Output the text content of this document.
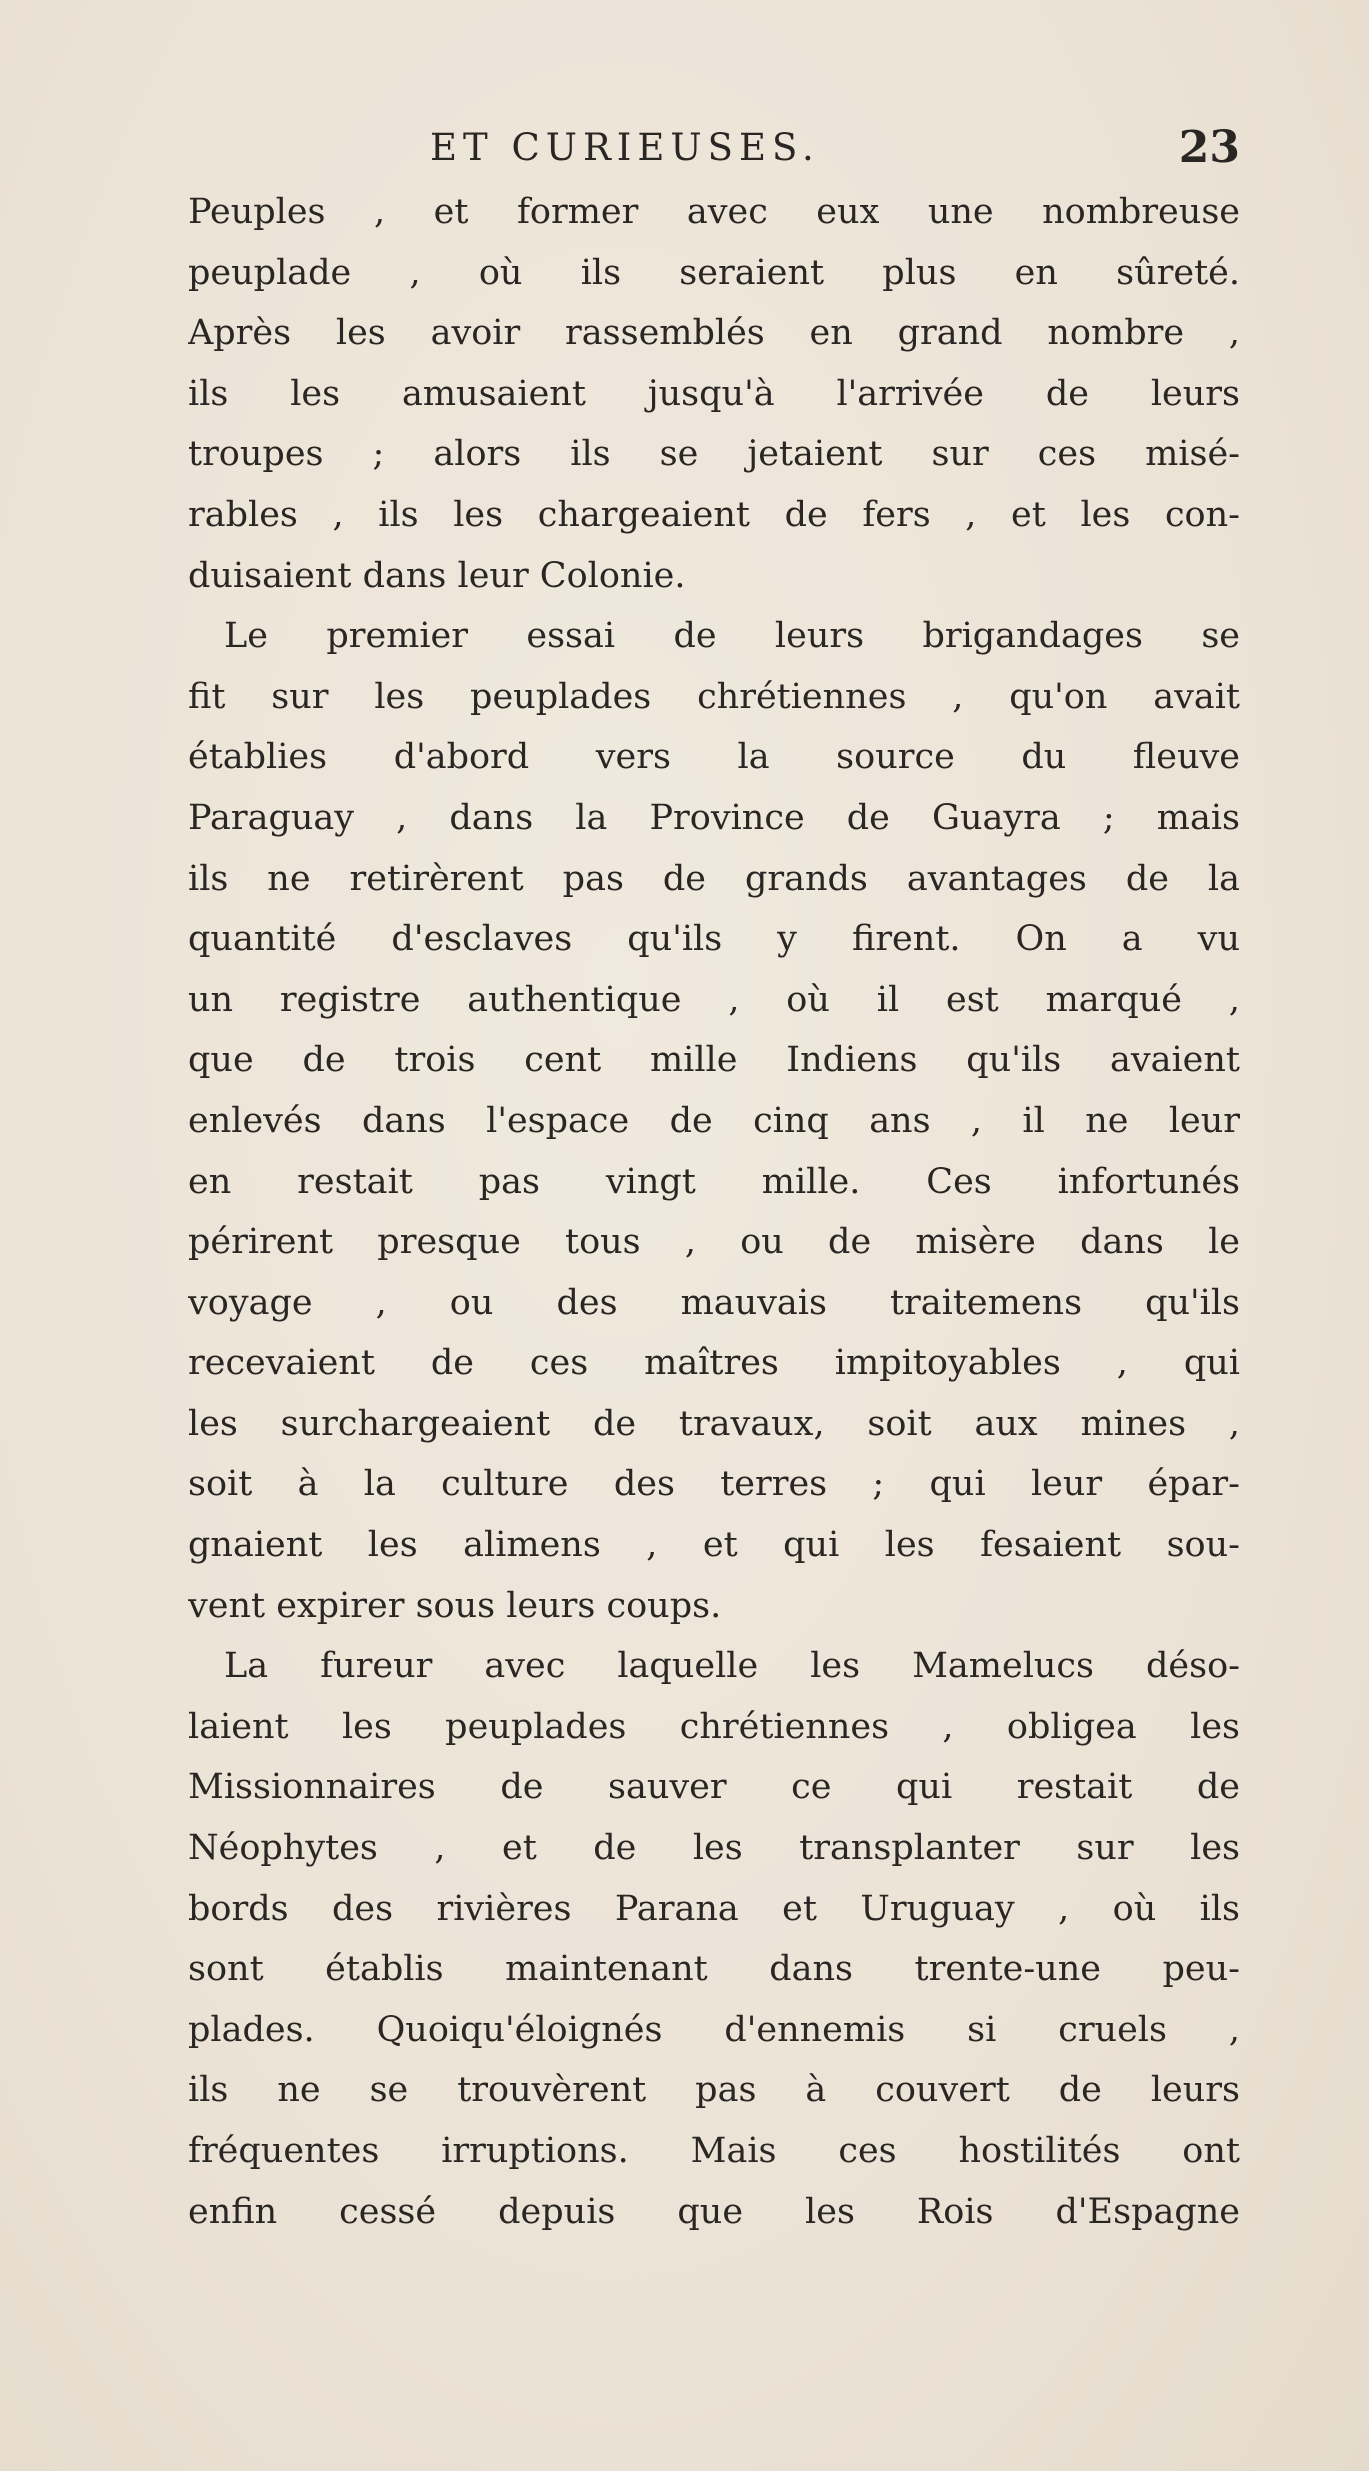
ET CURIEUSES.	23
Peuples , et former avec eux une nombreuse
peuplade , où ils seraient plus en sûreté.
Après les avoir rassemblés en grand nombre ,
ils les amusaient jusqu'à l'arrivée de leurs
troupes ; alors ils se jetaient sur ces misé-
rables , ils les chargeaient de fers , et les con-
duisaient dans leur Colonie.
Le premier essai de leurs brigandages se
fit sur les peuplades chrétiennes , qu'on avait
établies d'abord vers la source du fleuve
Paraguay , dans la Province de Guayra ; mais
ils ne retirèrent pas de grands avantages de la
quantité d'esclaves qu'ils y firent. On a vu
un registre authentique , où il est marqué ,
que de trois cent mille Indiens qu'ils avaient
enlevés dans l'espace de cinq ans , il ne leur
en restait pas vingt mille. Ces infortunés
périrent presque tous , ou de misère dans le
voyage , ou des mauvais traitemens qu'ils
recevaient de ces maîtres impitoyables , qui
les surchargeaient de travaux, soit aux mines ,
soit à la culture des terres ; qui leur épar-
gnaient les alimens , et qui les fesaient sou-
vent expirer sous leurs coups.
La fureur avec laquelle les Mamelucs déso-
laient les peuplades chrétiennes , obligea les
Missionnaires de sauver ce qui restait de
Néophytes , et de les transplanter sur les
bords des rivières Parana et Uruguay , où ils
sont établis maintenant dans trente-une peu-
plades. Quoiqu'éloignés d'ennemis si cruels ,
ils ne se trouvèrent pas à couvert de leurs
fréquentes irruptions. Mais ces hostilités ont
enfin cessé depuis que les Rois d'Espagne
